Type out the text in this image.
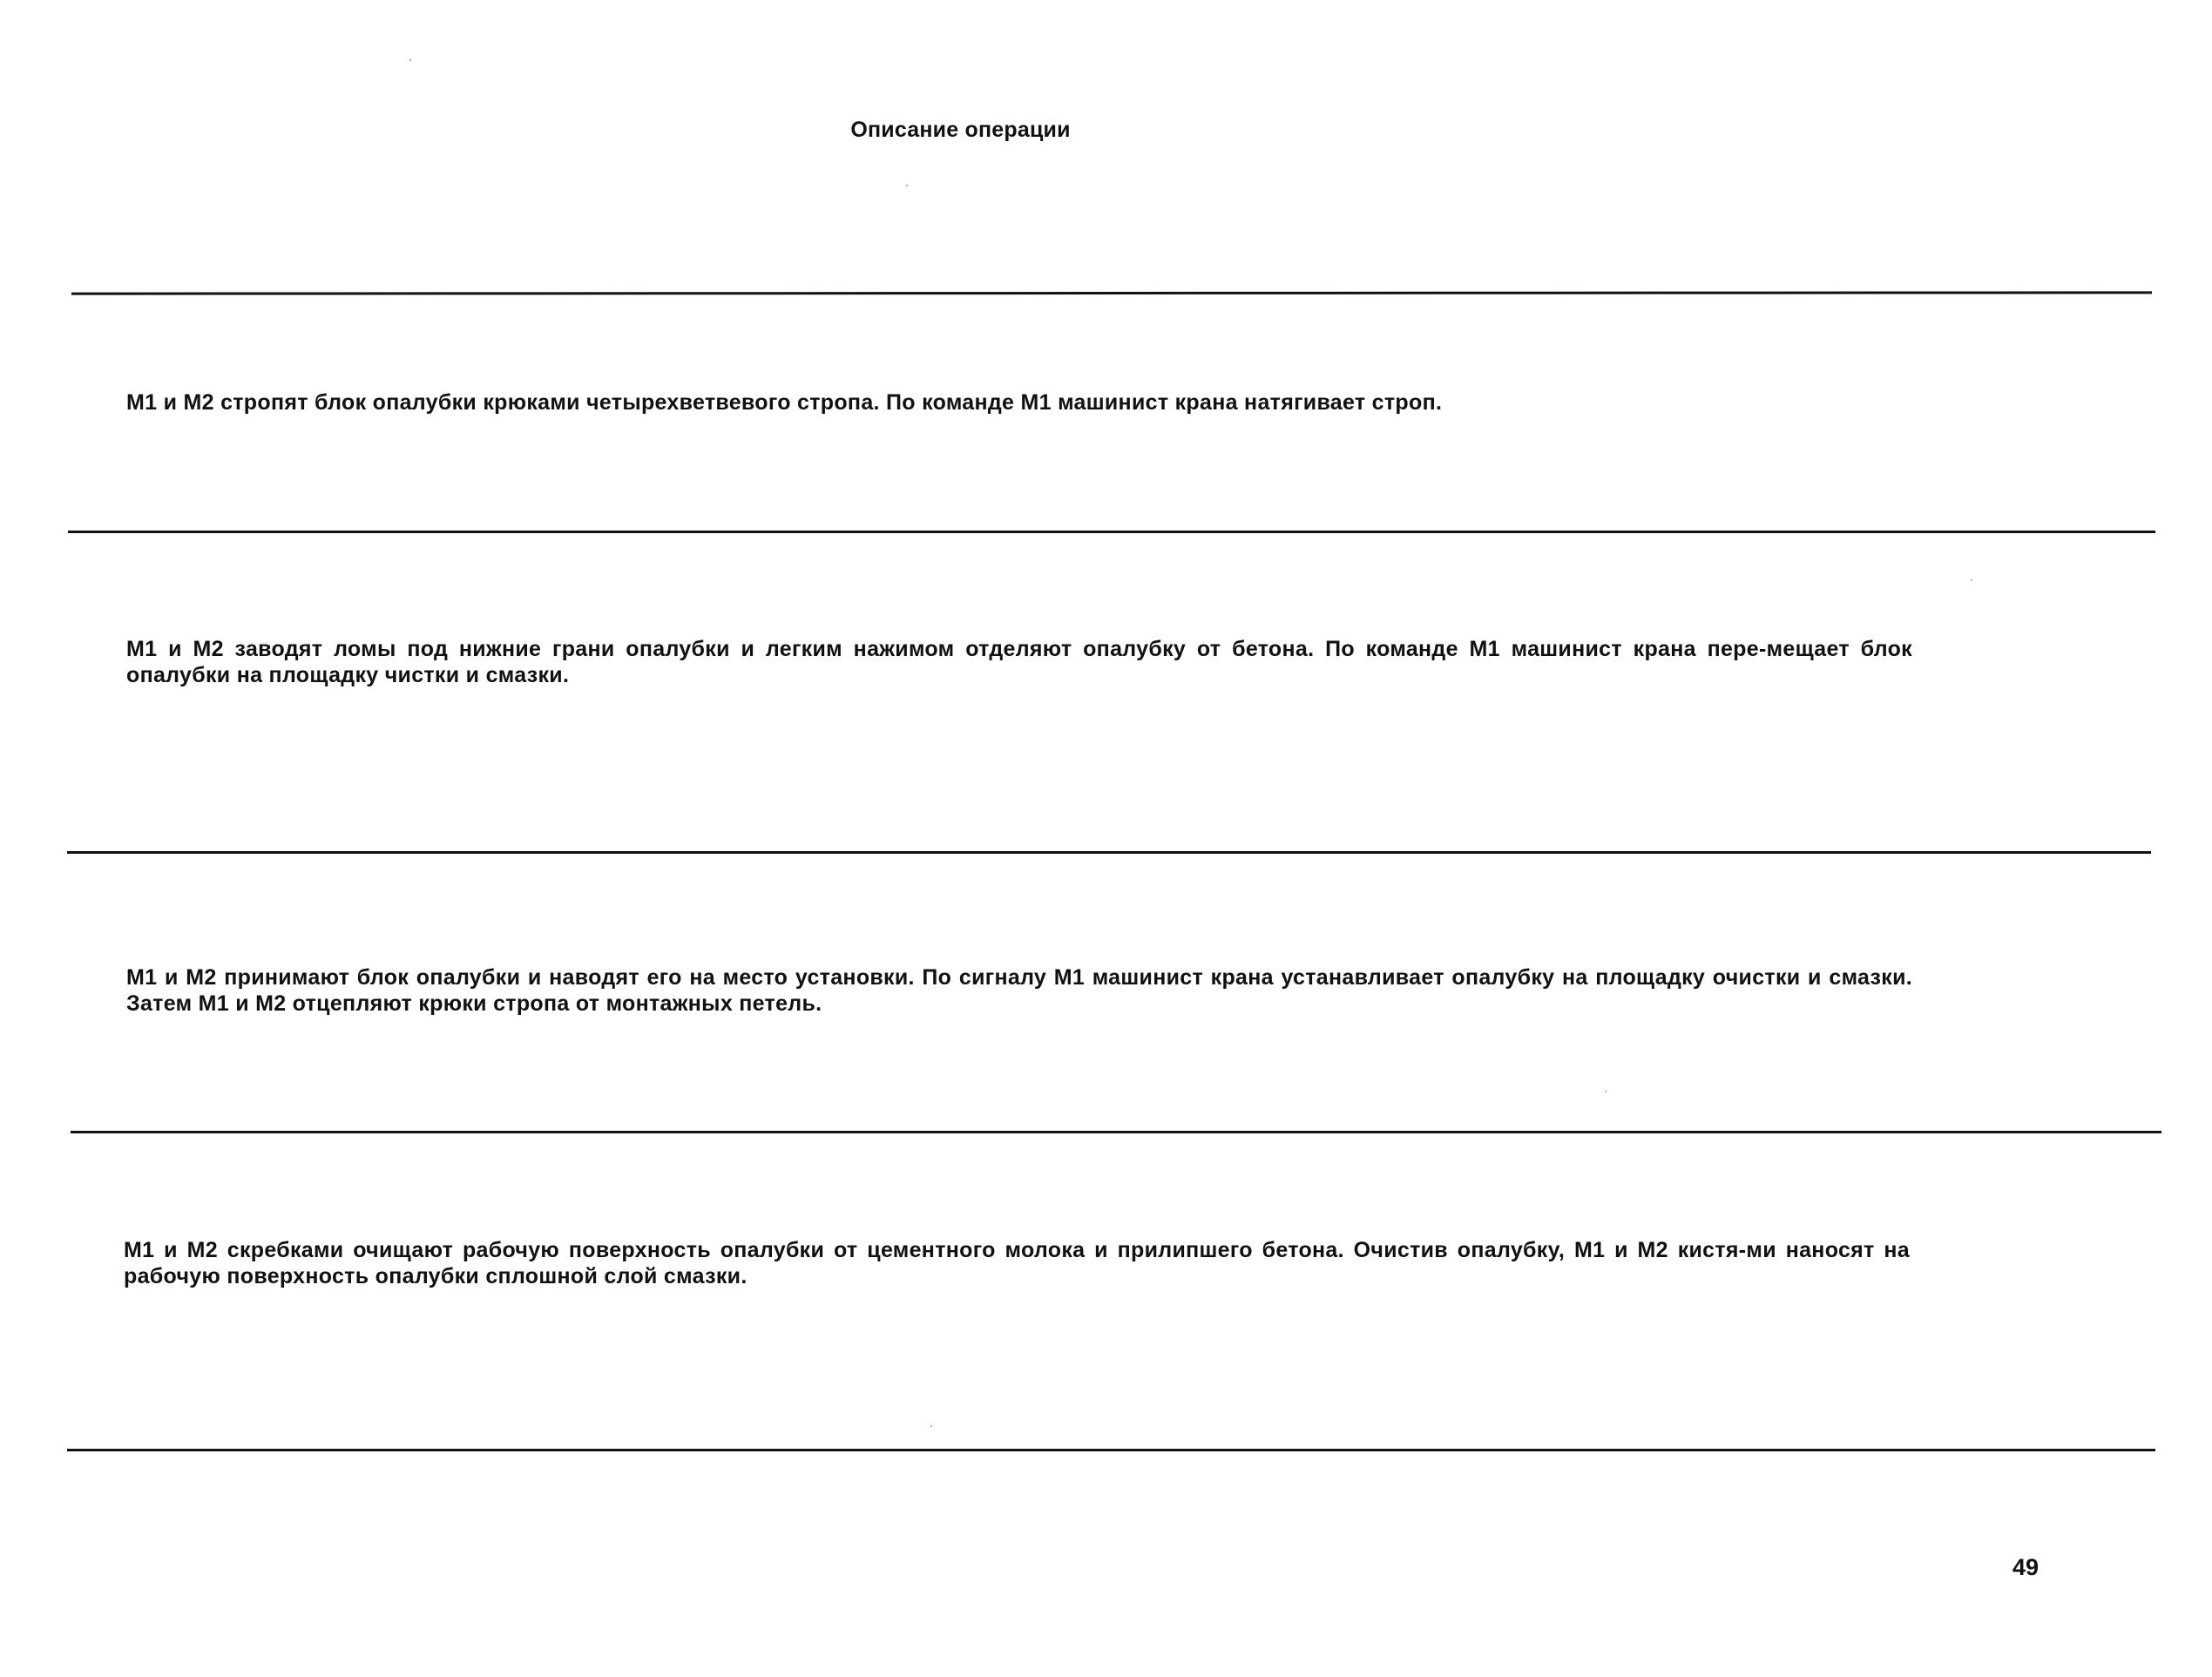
Описание операции
М1 и М2 стропят блок опалубки крюками четырехветвевого стропа. По команде М1 машинист крана натягивает строп.
М1 и М2 заводят ломы под нижние грани опалубки и легким нажимом отделяют опалубку от бетона. По команде М1 машинист крана пере-мещает блок опалубки на площадку чистки и смазки.
М1 и М2 принимают блок опалубки и наводят его на место установки. По сигналу М1 машинист крана устанавливает опалубку на площадку очистки и смазки. Затем М1 и М2 отцепляют крюки стропа от монтажных петель.
М1 и М2 скребками очищают рабочую поверхность опалубки от цементного молока и прилипшего бетона. Очистив опалубку, М1 и М2 кистя-ми наносят на рабочую поверхность опалубки сплошной слой смазки.
49
